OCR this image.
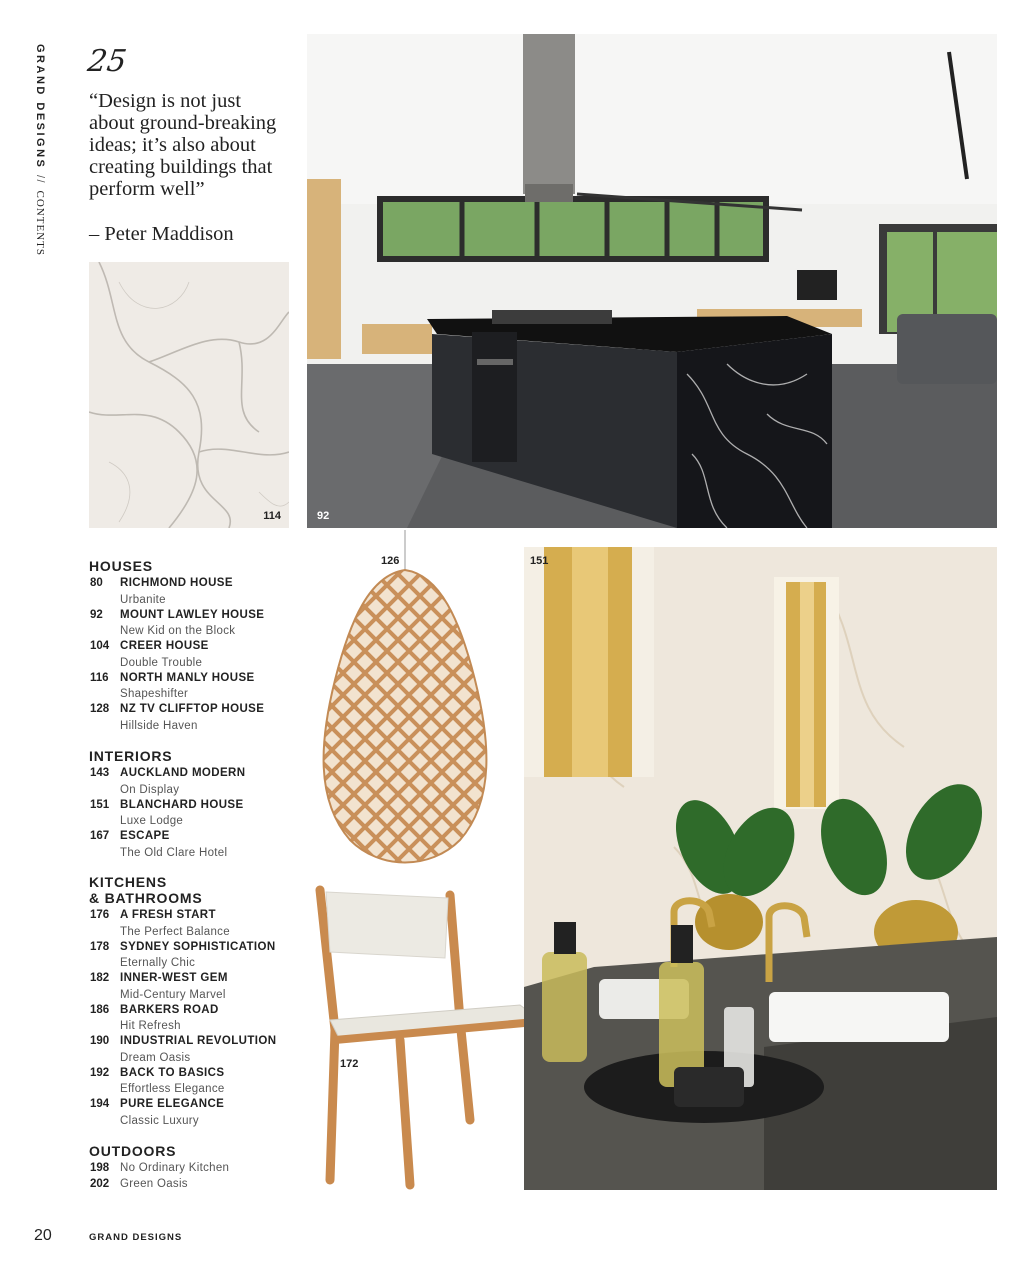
GRAND DESIGNS//CONTENTS
25
“Design is not just about ground-breaking ideas; it’s also about creating buildings that perform well”
– Peter Maddison
114	92
126
172
151
HOUSES
80	RICHMOND HOUSE
Urbanite
92	MOUNT LAWLEY HOUSE
New Kid on the Block
104 CREER HOUSE
Double Trouble
116 NORTH MANLY HOUSE
Shapeshifter
128 NZ TV CLIFFTOP HOUSE
Hillside Haven
INTERIORS
143 AUCKLAND MODERN
On Display
151 BLANCHARD HOUSE
Luxe Lodge
167 ESCAPE
The Old Clare Hotel
KITCHENS
& BATHROOMS
176 A FRESH START
The Perfect Balance
178 SYDNEY SOPHISTICATION
Eternally Chic
182 INNER-WEST GEM
Mid-Century Marvel
186 BARKERS ROAD
Hit Refresh
190 INDUSTRIAL REVOLUTION
Dream Oasis
192 BACK TO BASICS
Effortless Elegance
194 PURE ELEGANCE
Classic Luxury
OUTDOORS
198 No Ordinary Kitchen
202 Green Oasis
20	GRAND DESIGNS
